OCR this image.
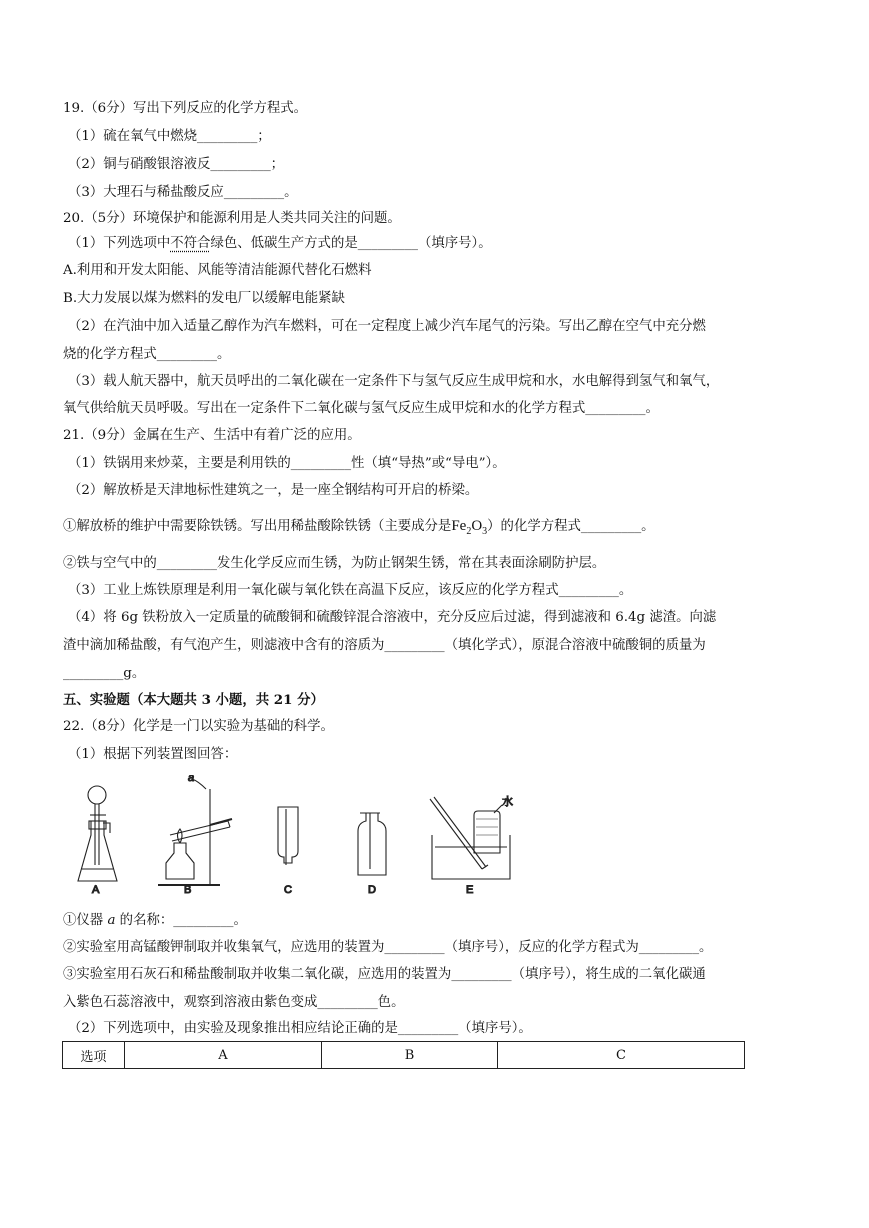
19.（6分）写出下列反应的化学方程式。
（1）硫在氧气中燃烧_________；
（2）铜与硝酸银溶液反_________；
（3）大理石与稀盐酸反应_________。
20.（5分）环境保护和能源利用是人类共同关注的问题。
（1）下列选项中不符合绿色、低碳生产方式的是_________（填序号）。
A.利用和开发太阳能、风能等清洁能源代替化石燃料
B.大力发展以煤为燃料的发电厂以缓解电能紧缺
（2）在汽油中加入适量乙醇作为汽车燃料，可在一定程度上减少汽车尾气的污染。写出乙醇在空气中充分燃
烧的化学方程式_________。
（3）载人航天器中，航天员呼出的二氧化碳在一定条件下与氢气反应生成甲烷和水，水电解得到氢气和氧气，
氧气供给航天员呼吸。写出在一定条件下二氧化碳与氢气反应生成甲烷和水的化学方程式_________。
21.（9分）金属在生产、生活中有着广泛的应用。
（1）铁锅用来炒菜，主要是利用铁的_________性（填“导热”或“导电”）。
（2）解放桥是天津地标性建筑之一，是一座全钢结构可开启的桥梁。
①解放桥的维护中需要除铁锈。写出用稀盐酸除铁锈（主要成分是$Fe_2O_3$）的化学方程式_________。
②铁与空气中的_________发生化学反应而生锈，为防止钢架生锈，常在其表面涂刷防护层。
（3）工业上炼铁原理是利用一氧化碳与氧化铁在高温下反应，该反应的化学方程式_________。
（4）将 6g 铁粉放入一定质量的硫酸铜和硫酸锌混合溶液中，充分反应后过滤，得到滤液和 6.4g 滤渣。向滤
渣中滴加稀盐酸，有气泡产生，则滤液中含有的溶质为_________（填化学式），原混合溶液中硫酸铜的质量为
_________g。
五、实验题（本大题共 3 小题，共 21 分）
22.（8分）化学是一门以实验为基础的科学。
（1）根据下列装置图回答：
A
a
B	C	D
水
E
①仪器 a 的名称：_________。
②实验室用高锰酸钾制取并收集氧气，应选用的装置为_________（填序号），反应的化学方程式为_________。
③实验室用石灰石和稀盐酸制取并收集二氧化碳，应选用的装置为_________（填序号），将生成的二氧化碳通
入紫色石蕊溶液中，观察到溶液由紫色变成_________色。
（2）下列选项中，由实验及现象推出相应结论正确的是_________（填序号）。
选项	A	B	C
